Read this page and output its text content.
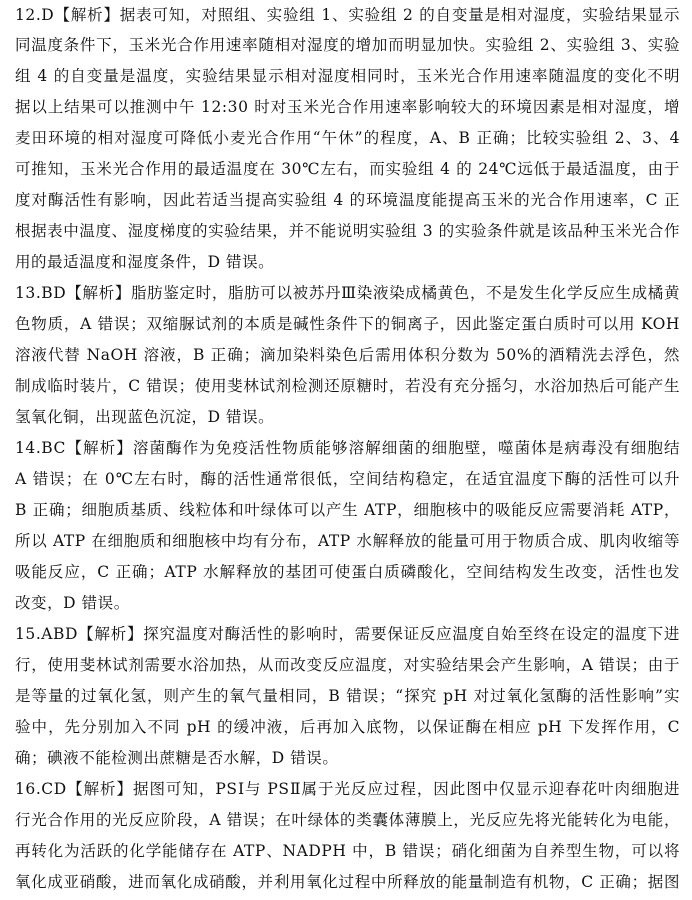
12.D【解析】据表可知，对照组、实验组 1、实验组 2 的自变量是相对湿度，实验结果显示
同温度条件下，玉米光合作用速率随相对湿度的增加而明显加快。实验组 2、实验组 3、实验
组 4 的自变量是温度，实验结果显示相对湿度相同时，玉米光合作用速率随温度的变化不明
据以上结果可以推测中午 12:30 时对玉米光合作用速率影响较大的环境因素是相对湿度，增
麦田环境的相对湿度可降低小麦光合作用“午休”的程度，A、B 正确；比较实验组 2、3、4
可推知，玉米光合作用的最适温度在 30℃左右，而实验组 4 的 24℃远低于最适温度，由于
度对酶活性有影响，因此若适当提高实验组 4 的环境温度能提高玉米的光合作用速率，C 正
根据表中温度、湿度梯度的实验结果，并不能说明实验组 3 的实验条件就是该品种玉米光合作
用的最适温度和湿度条件，D 错误。
13.BD【解析】脂肪鉴定时，脂肪可以被苏丹Ⅲ染液染成橘黄色，不是发生化学反应生成橘黄
色物质，A 错误；双缩脲试剂的本质是碱性条件下的铜离子，因此鉴定蛋白质时可以用 KOH
溶液代替 NaOH 溶液，B 正确；滴加染料染色后需用体积分数为 50%的酒精洗去浮色，然
制成临时装片，C 错误；使用斐林试剂检测还原糖时，若没有充分摇匀，水浴加热后可能产生
氢氧化铜，出现蓝色沉淀，D 错误。
14.BC【解析】溶菌酶作为免疫活性物质能够溶解细菌的细胞壁，噬菌体是病毒没有细胞结
A 错误；在 0℃左右时，酶的活性通常很低，空间结构稳定，在适宜温度下酶的活性可以升
B 正确；细胞质基质、线粒体和叶绿体可以产生 ATP，细胞核中的吸能反应需要消耗 ATP，
所以 ATP 在细胞质和细胞核中均有分布，ATP 水解释放的能量可用于物质合成、肌肉收缩等
吸能反应，C 正确；ATP 水解释放的基团可使蛋白质磷酸化，空间结构发生改变，活性也发
改变，D 错误。
15.ABD【解析】探究温度对酶活性的影响时，需要保证反应温度自始至终在设定的温度下进
行，使用斐林试剂需要水浴加热，从而改变反应温度，对实验结果会产生影响，A 错误；由于
是等量的过氧化氢，则产生的氧气量相同，B 错误；“探究 pH 对过氧化氢酶的活性影响”实
验中，先分别加入不同 pH 的缓冲液，后再加入底物，以保证酶在相应 pH 下发挥作用，C
确；碘液不能检测出蔗糖是否水解，D 错误。
16.CD【解析】据图可知，PSⅠ与 PSⅡ属于光反应过程，因此图中仅显示迎春花叶肉细胞进
行光合作用的光反应阶段，A 错误；在叶绿体的类囊体薄膜上，光反应先将光能转化为电能，
再转化为活跃的化学能储存在 ATP、NADPH 中，B 错误；硝化细菌为自养型生物，可以将
氧化成亚硝酸，进而氧化成硝酸，并利用氧化过程中所释放的能量制造有机物，C 正确；据图
